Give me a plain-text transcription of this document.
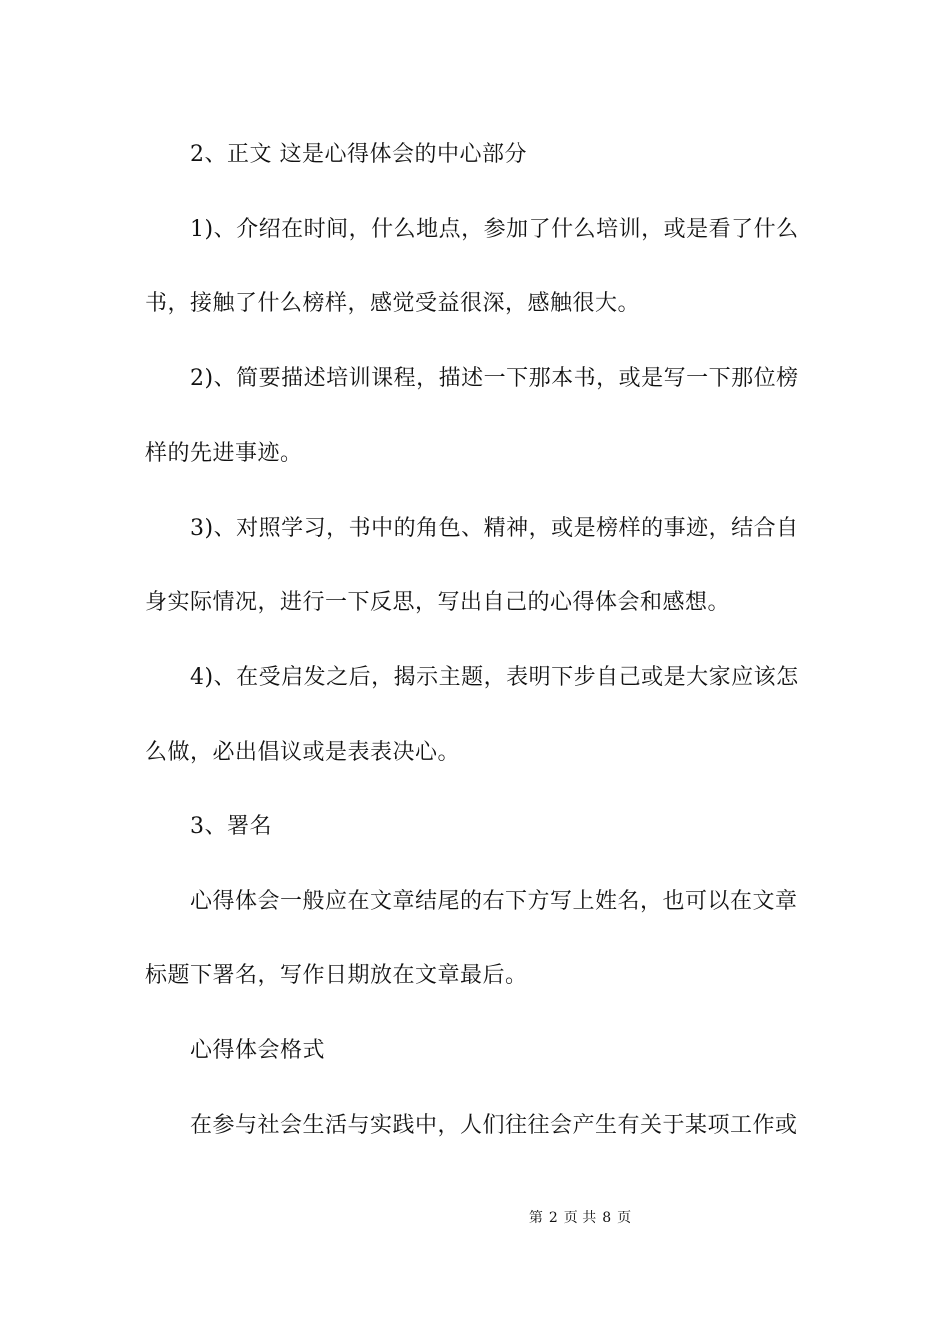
2、正文 这是心得体会的中心部分
1)、介绍在时间，什么地点，参加了什么培训，或是看了什么
书，接触了什么榜样，感觉受益很深，感触很大。
2)、简要描述培训课程，描述一下那本书，或是写一下那位榜
样的先进事迹。
3)、对照学习，书中的角色、精神，或是榜样的事迹，结合自
身实际情况，进行一下反思，写出自己的心得体会和感想。
4)、在受启发之后，揭示主题，表明下步自己或是大家应该怎
么做，必出倡议或是表表决心。
3、署名
心得体会一般应在文章结尾的右下方写上姓名，也可以在文章
标题下署名，写作日期放在文章最后。
心得体会格式
在参与社会生活与实践中，人们往往会产生有关于某项工作或
第 2 页 共 8 页
